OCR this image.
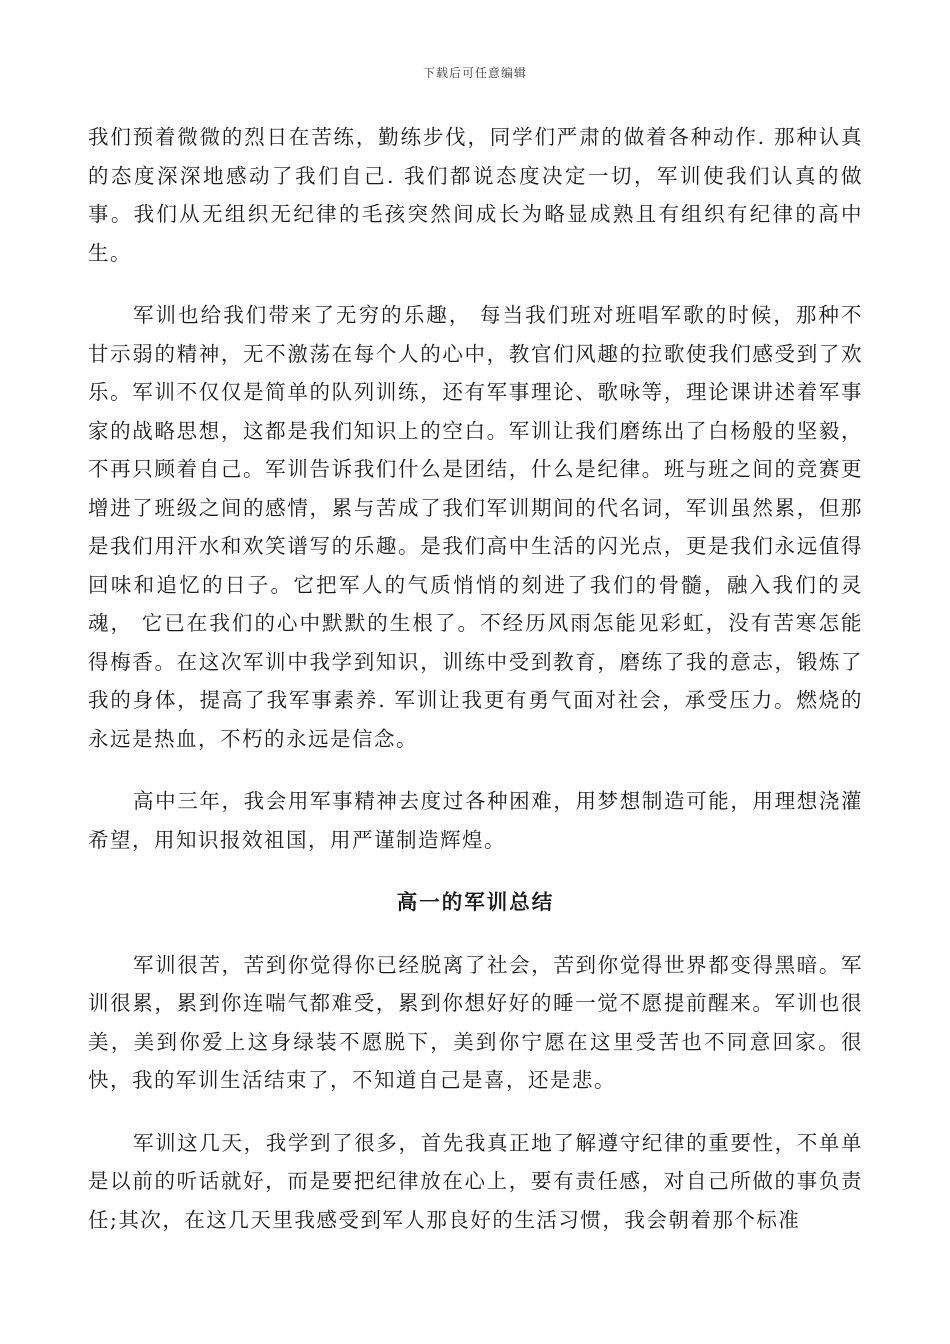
下载后可任意编辑

我们预着微微的烈日在苦练，勤练步伐，同学们严肃的做着各种动作. 那种认真的态度深深地感动了我们自己. 我们都说态度决定一切，军训使我们认真的做事。我们从无组织无纪律的毛孩突然间成长为略显成熟且有组织有纪律的高中生。

军训也给我们带来了无穷的乐趣， 每当我们班对班唱军歌的时候，那种不甘示弱的精神，无不激荡在每个人的心中，教官们风趣的拉歌使我们感受到了欢乐。军训不仅仅是简单的队列训练，还有军事理论、歌咏等，理论课讲述着军事家的战略思想，这都是我们知识上的空白。军训让我们磨练出了白杨般的坚毅，不再只顾着自己。军训告诉我们什么是团结，什么是纪律。班与班之间的竞赛更增进了班级之间的感情，累与苦成了我们军训期间的代名词，军训虽然累，但那是我们用汗水和欢笑谱写的乐趣。是我们高中生活的闪光点，更是我们永远值得回味和追忆的日子。它把军人的气质悄悄的刻进了我们的骨髓，融入我们的灵魂， 它已在我们的心中默默的生根了。不经历风雨怎能见彩虹，没有苦寒怎能得梅香。在这次军训中我学到知识，训练中受到教育，磨练了我的意志，锻炼了我的身体，提高了我军事素养. 军训让我更有勇气面对社会，承受压力。燃烧的永远是热血，不朽的永远是信念。

高中三年，我会用军事精神去度过各种困难，用梦想制造可能，用理想浇灌希望，用知识报效祖国，用严谨制造辉煌。

高一的军训总结

军训很苦，苦到你觉得你已经脱离了社会，苦到你觉得世界都变得黑暗。军训很累，累到你连喘气都难受，累到你想好好的睡一觉不愿提前醒来。军训也很美，美到你爱上这身绿装不愿脱下，美到你宁愿在这里受苦也不同意回家。很快，我的军训生活结束了，不知道自己是喜，还是悲。

军训这几天，我学到了很多，首先我真正地了解遵守纪律的重要性，不单单是以前的听话就好，而是要把纪律放在心上，要有责任感，对自己所做的事负责任;其次，在这几天里我感受到军人那良好的生活习惯，我会朝着那个标准
